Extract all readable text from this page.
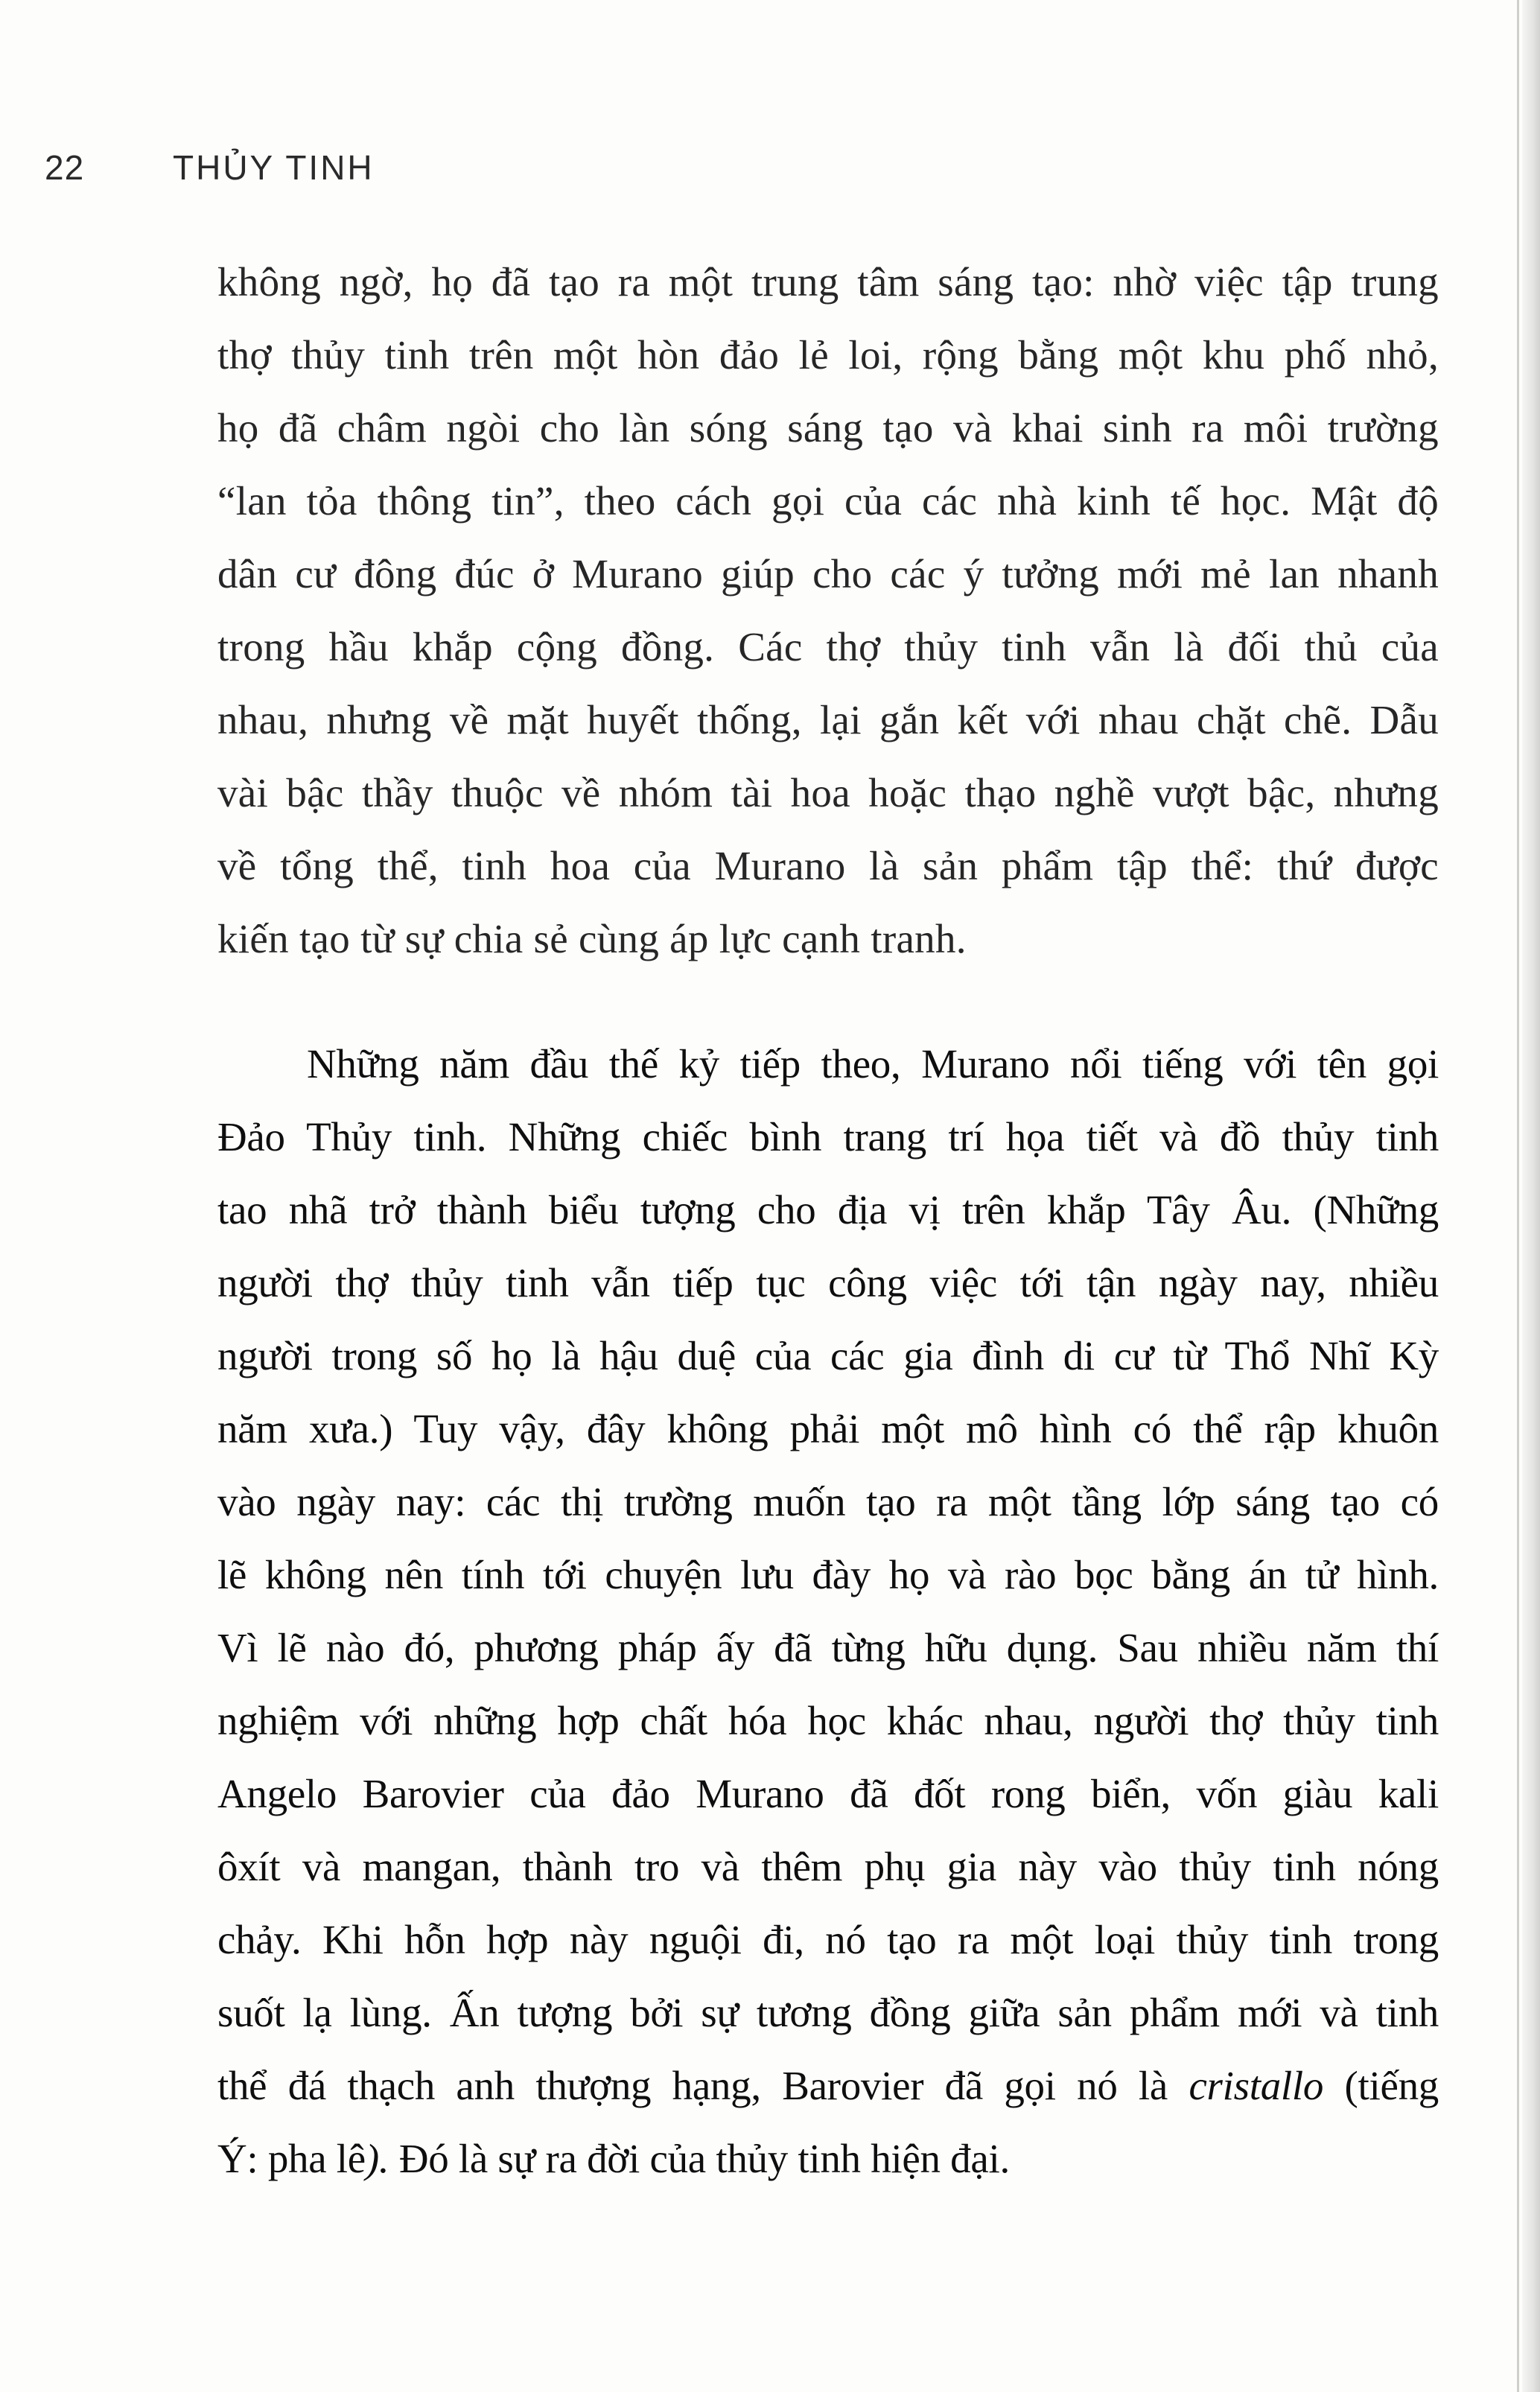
22	THỦY TINH
không ngờ, họ đã tạo ra một trung tâm sáng tạo: nhờ việc tập trung
thợ thủy tinh trên một hòn đảo lẻ loi, rộng bằng một khu phố nhỏ,
họ đã châm ngòi cho làn sóng sáng tạo và khai sinh ra môi trường
“lan tỏa thông tin”, theo cách gọi của các nhà kinh tế học. Mật độ
dân cư đông đúc ở Murano giúp cho các ý tưởng mới mẻ lan nhanh
trong hầu khắp cộng đồng. Các thợ thủy tinh vẫn là đối thủ của
nhau, nhưng về mặt huyết thống, lại gắn kết với nhau chặt chẽ. Dẫu
vài bậc thầy thuộc về nhóm tài hoa hoặc thạo nghề vượt bậc, nhưng
về tổng thể, tinh hoa của Murano là sản phẩm tập thể: thứ được
kiến tạo từ sự chia sẻ cùng áp lực cạnh tranh.
Những năm đầu thế kỷ tiếp theo, Murano nổi tiếng với tên gọi
Đảo Thủy tinh. Những chiếc bình trang trí họa tiết và đồ thủy tinh
tao nhã trở thành biểu tượng cho địa vị trên khắp Tây Âu. (Những
người thợ thủy tinh vẫn tiếp tục công việc tới tận ngày nay, nhiều
người trong số họ là hậu duệ của các gia đình di cư từ Thổ Nhĩ Kỳ
năm xưa.) Tuy vậy, đây không phải một mô hình có thể rập khuôn
vào ngày nay: các thị trường muốn tạo ra một tầng lớp sáng tạo có
lẽ không nên tính tới chuyện lưu đày họ và rào bọc bằng án tử hình.
Vì lẽ nào đó, phương pháp ấy đã từng hữu dụng. Sau nhiều năm thí
nghiệm với những hợp chất hóa học khác nhau, người thợ thủy tinh
Angelo Barovier của đảo Murano đã đốt rong biển, vốn giàu kali
ôxít và mangan, thành tro và thêm phụ gia này vào thủy tinh nóng
chảy. Khi hỗn hợp này nguội đi, nó tạo ra một loại thủy tinh trong
suốt lạ lùng. Ấn tượng bởi sự tương đồng giữa sản phẩm mới và tinh
thể đá thạch anh thượng hạng, Barovier đã gọi nó là cristallo (tiếng
Ý: pha lê). Đó là sự ra đời của thủy tinh hiện đại.
